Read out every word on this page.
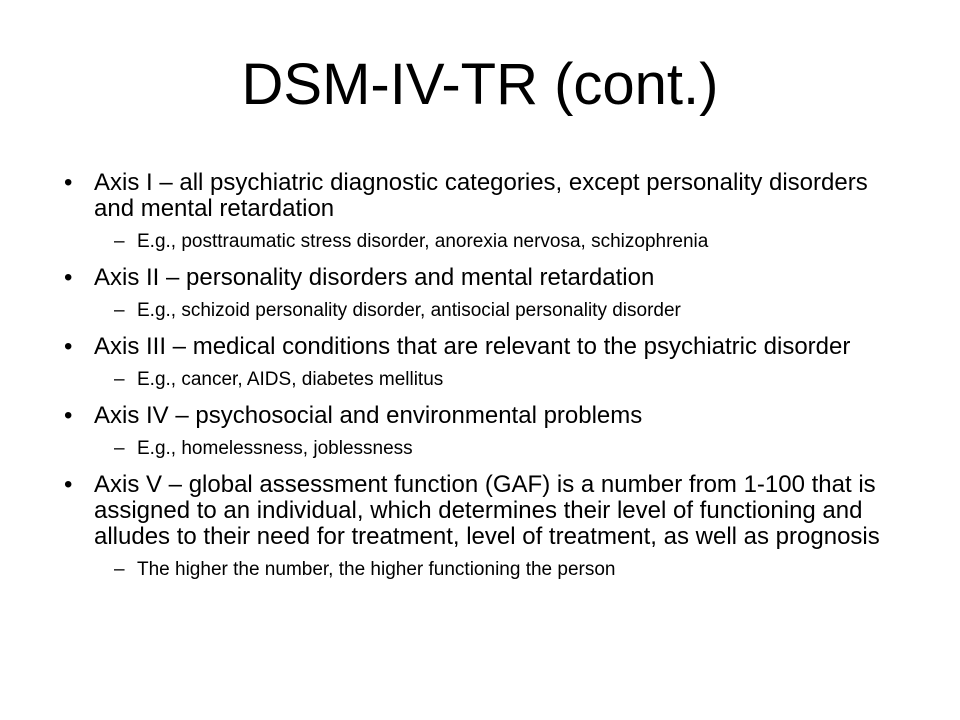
DSM-IV-TR (cont.)
• Axis I – all psychiatric diagnostic categories, except personality disorders and mental retardation
– E.g., posttraumatic stress disorder, anorexia nervosa, schizophrenia
• Axis II – personality disorders and mental retardation
– E.g., schizoid personality disorder, antisocial personality disorder
• Axis III – medical conditions that are relevant to the psychiatric disorder
– E.g., cancer, AIDS, diabetes mellitus
• Axis IV – psychosocial and environmental problems
– E.g., homelessness, joblessness
• Axis V – global assessment function (GAF) is a number from 1-100 that is assigned to an individual, which determines their level of functioning and alludes to their need for treatment, level of treatment, as well as prognosis
– The higher the number, the higher functioning the person
